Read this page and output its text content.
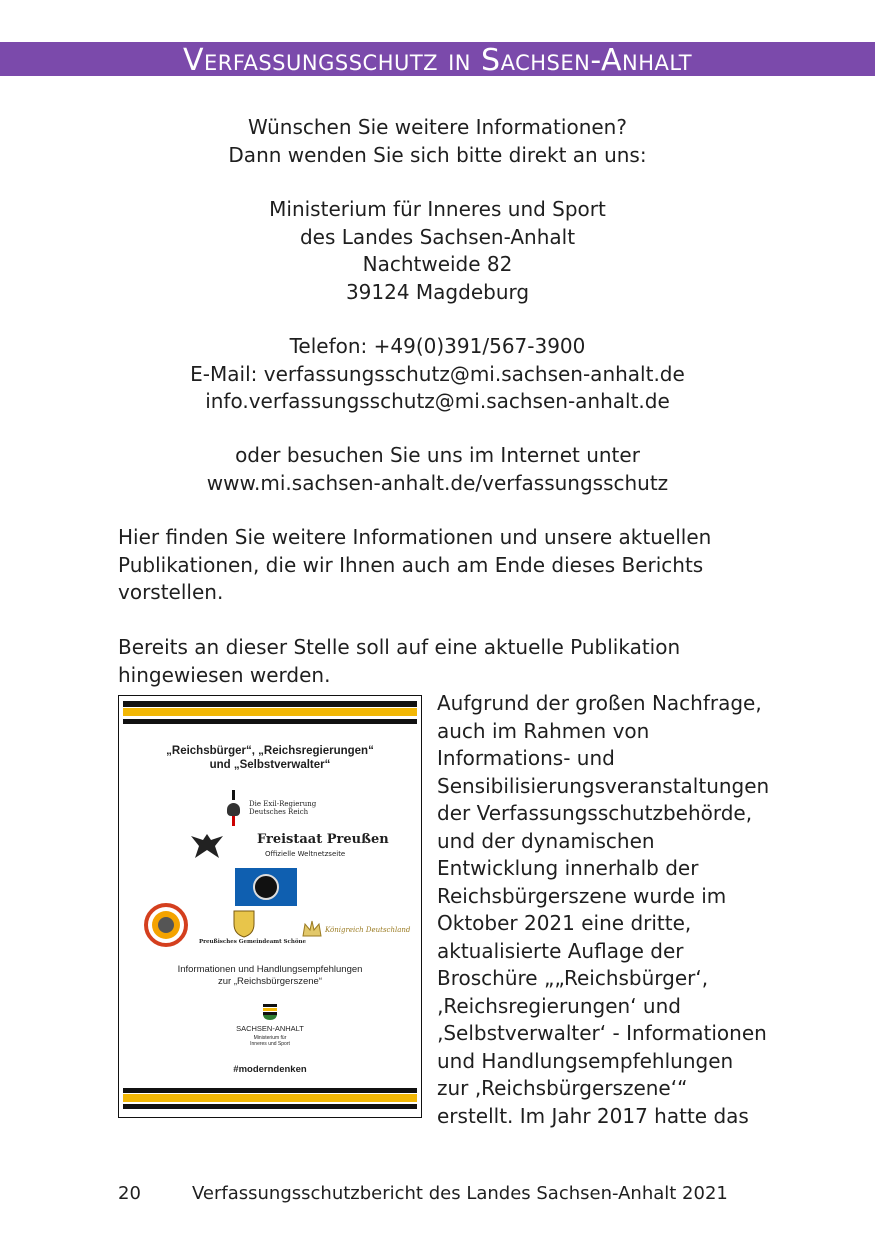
Verfassungsschutz in Sachsen-Anhalt
Wünschen Sie weitere Informationen?
Dann wenden Sie sich bitte direkt an uns:
Ministerium für Inneres und Sport
des Landes Sachsen-Anhalt
Nachtweide 82
39124 Magdeburg
Telefon: +49(0)391/567-3900
E-Mail: verfassungsschutz@mi.sachsen-anhalt.de
info.verfassungsschutz@mi.sachsen-anhalt.de
oder besuchen Sie uns im Internet unter
www.mi.sachsen-anhalt.de/verfassungsschutz
Hier finden Sie weitere Informationen und unsere aktuellen Publikationen, die wir Ihnen auch am Ende dieses Berichts vorstellen.
Bereits an dieser Stelle soll auf eine aktuelle Publikation hingewiesen werden.
„Reichsbürger“, „Reichsregierungen“
und „Selbstverwalter“
Die Exil-Regierung
Deutsches Reich
Freistaat Preußen
Offizielle Weltnetzseite
Preußisches Gemeindeamt Schöne
Königreich Deutschland
Informationen und Handlungsempfehlungen
zur „Reichsbürgerszene“
SACHSEN-ANHALT
Ministerium für
Inneres und Sport
#moderndenken
Aufgrund der großen Nachfrage, auch im Rahmen von Informations- und Sensibilisierungsveranstaltungen der Verfassungsschutzbehörde, und der dynamischen Entwicklung innerhalb der Reichsbürgerszene wurde im Oktober 2021 eine dritte, aktualisierte Auflage der Broschüre „„Reichsbürger‘, ‚Reichsregierungen‘ und ‚Selbstverwalter‘ - Informationen und Handlungsempfehlungen zur ‚Reichsbürgerszene‘“ erstellt. Im Jahr 2017 hatte das
20	Verfassungsschutzbericht des Landes Sachsen-Anhalt 2021
